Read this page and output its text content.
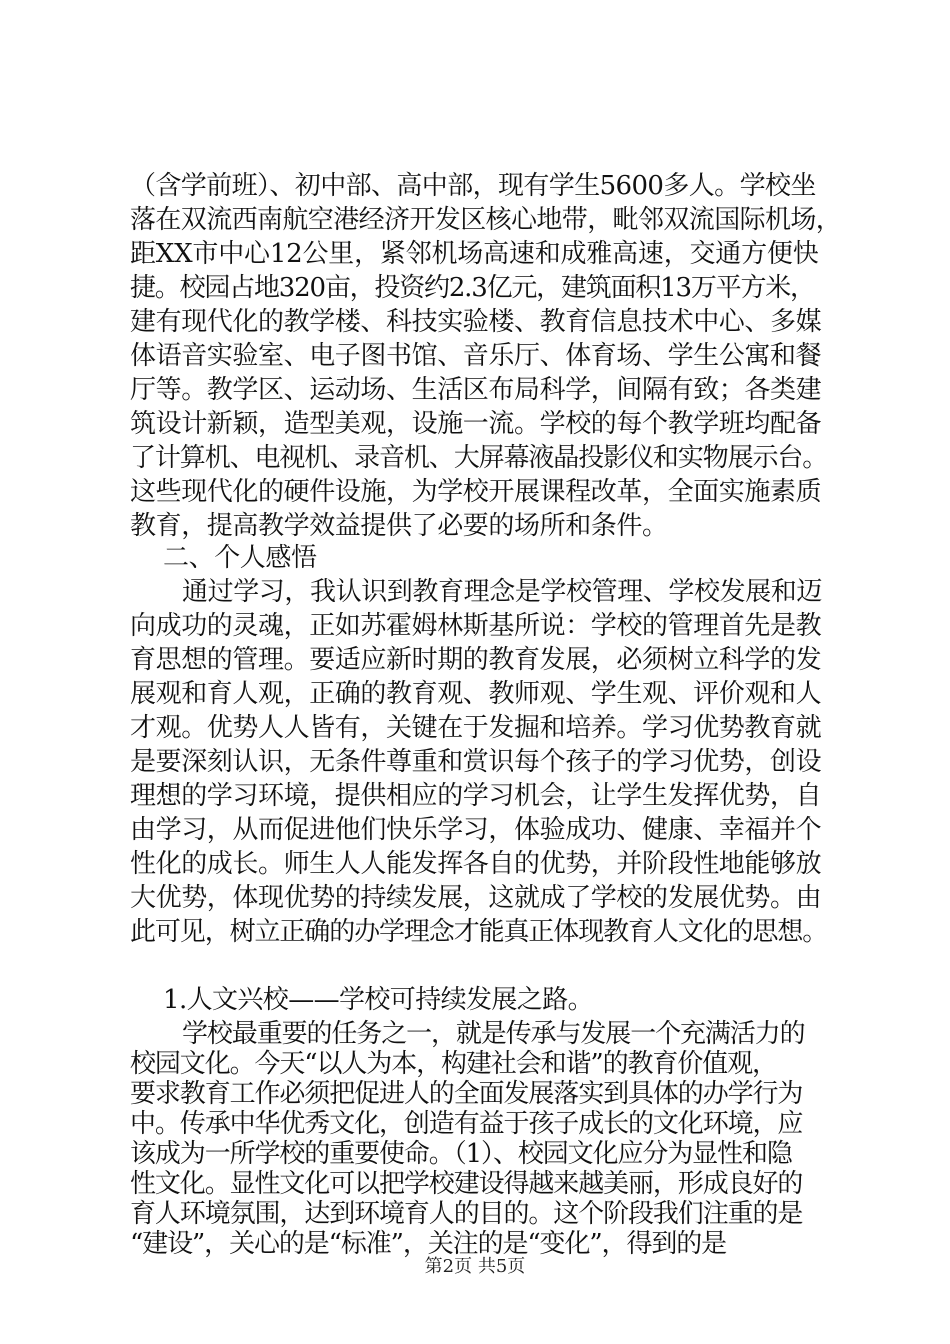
（含学前班）、初中部、高中部，现有学生5600多人。学校坐
落在双流西南航空港经济开发区核心地带，毗邻双流国际机场，
距XX市中心12公里，紧邻机场高速和成雅高速，交通方便快
捷。校园占地320亩，投资约2.3亿元，建筑面积13万平方米，
建有现代化的教学楼、科技实验楼、教育信息技术中心、多媒
体语音实验室、电子图书馆、音乐厅、体育场、学生公寓和餐
厅等。教学区、运动场、生活区布局科学，间隔有致；各类建
筑设计新颖，造型美观，设施一流。学校的每个教学班均配备
了计算机、电视机、录音机、大屏幕液晶投影仪和实物展示台。
这些现代化的硬件设施，为学校开展课程改革，全面实施素质
教育，提高教学效益提供了必要的场所和条件。
二、个人感悟
通过学习，我认识到教育理念是学校管理、学校发展和迈
向成功的灵魂，正如苏霍姆林斯基所说：学校的管理首先是教
育思想的管理。要适应新时期的教育发展，必须树立科学的发
展观和育人观，正确的教育观、教师观、学生观、评价观和人
才观。优势人人皆有，关键在于发掘和培养。学习优势教育就
是要深刻认识，无条件尊重和赏识每个孩子的学习优势，创设
理想的学习环境，提供相应的学习机会，让学生发挥优势，自
由学习，从而促进他们快乐学习，体验成功、健康、幸福并个
性化的成长。师生人人能发挥各自的优势，并阶段性地能够放
大优势，体现优势的持续发展，这就成了学校的发展优势。由
此可见，树立正确的办学理念才能真正体现教育人文化的思想。
1.人文兴校——学校可持续发展之路。
学校最重要的任务之一，就是传承与发展一个充满活力的
校园文化。今天“以人为本，构建社会和谐”的教育价值观，
要求教育工作必须把促进人的全面发展落实到具体的办学行为
中。传承中华优秀文化，创造有益于孩子成长的文化环境，应
该成为一所学校的重要使命。（1）、校园文化应分为显性和隐
性文化。显性文化可以把学校建设得越来越美丽，形成良好的
育人环境氛围，达到环境育人的目的。这个阶段我们注重的是
“建设”，关心的是“标准”，关注的是“变化”，得到的是
第2页 共5页
